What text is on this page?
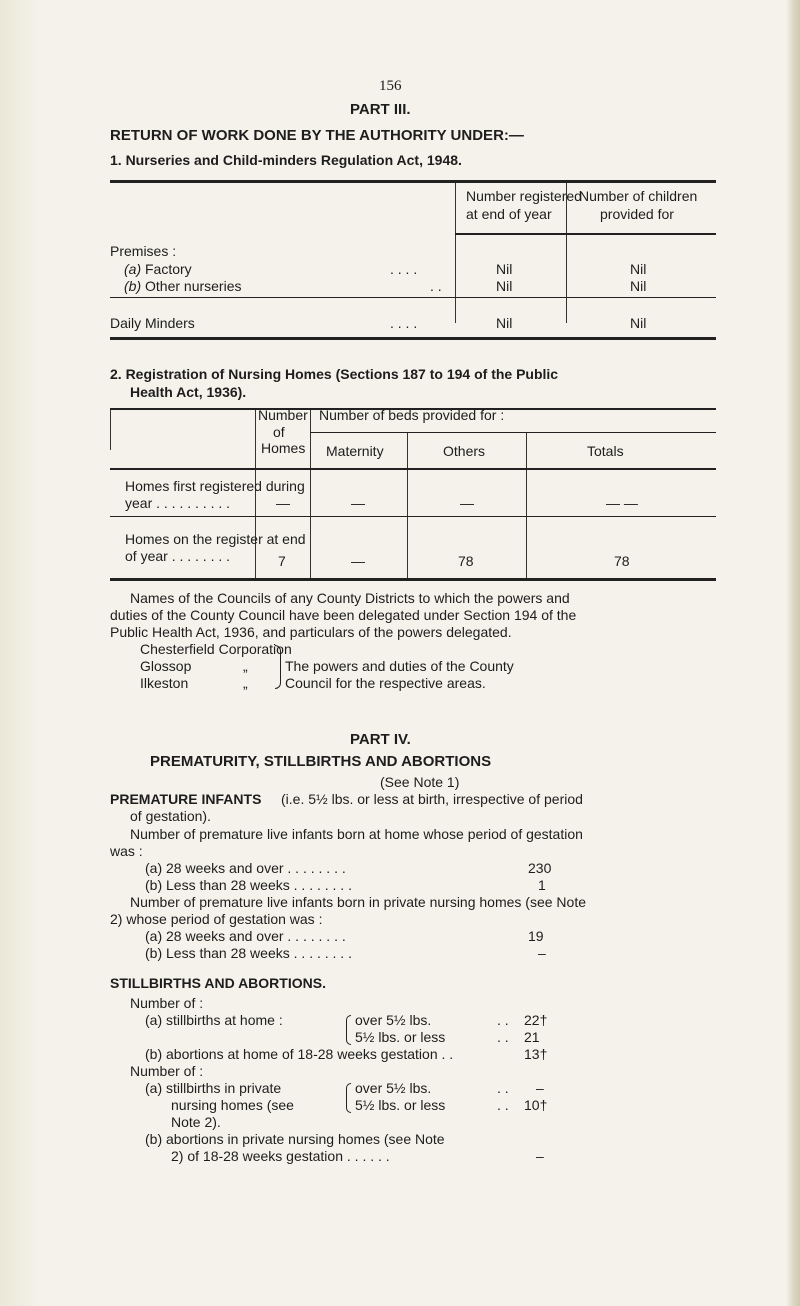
156
PART III.
RETURN OF WORK DONE BY THE AUTHORITY UNDER:—
1. Nurseries and Child-minders Regulation Act, 1948.
Number registered
at end of year
Number of children
provided for
Premises :
(a) Factory	. . . .	Nil	Nil
(b) Other nurseries	. .	Nil	Nil
Daily Minders	. . . .	Nil	Nil
2. Registration of Nursing Homes (Sections 187 to 194 of the Public
Health Act, 1936).
Number
of
Homes
Number of beds provided for :
Maternity	Others	Totals
Homes first registered during
year . . . . . . . . . .	—	—	—	— —
Homes on the register at end
of year . . . . . . . .	7	—	78	78
Names of the Councils of any County Districts to which the powers and
duties of the County Council have been delegated under Section 194 of the
Public Health Act, 1936, and particulars of the powers delegated.
Chesterfield Corporation
Glossop	„
Ilkeston	„
The powers and duties of the County
Council for the respective areas.
PART IV.
PREMATURITY, STILLBIRTHS AND ABORTIONS
(See Note 1)
PREMATURE INFANTS (i.e. 5½ lbs. or less at birth, irrespective of period
of gestation).
Number of premature live infants born at home whose period of gestation
was :
(a) 28 weeks and over . . . . . . . .	230
(b) Less than 28 weeks . . . . . . . .	1
Number of premature live infants born in private nursing homes (see Note
2) whose period of gestation was :
(a) 28 weeks and over . . . . . . . .	19
(b) Less than 28 weeks . . . . . . . .	–
STILLBIRTHS AND ABORTIONS.
Number of :
(a) stillbirths at home :	over 5½ lbs.	. . 22†
5½ lbs. or less	. . 21
(b) abortions at home of 18-28 weeks gestation . .	13†
Number of :
(a) stillbirths in private
nursing homes (see
Note 2).
over 5½ lbs.	. . –
5½ lbs. or less	. . 10†
(b) abortions in private nursing homes (see Note
2) of 18-28 weeks gestation . . . . . .	–
